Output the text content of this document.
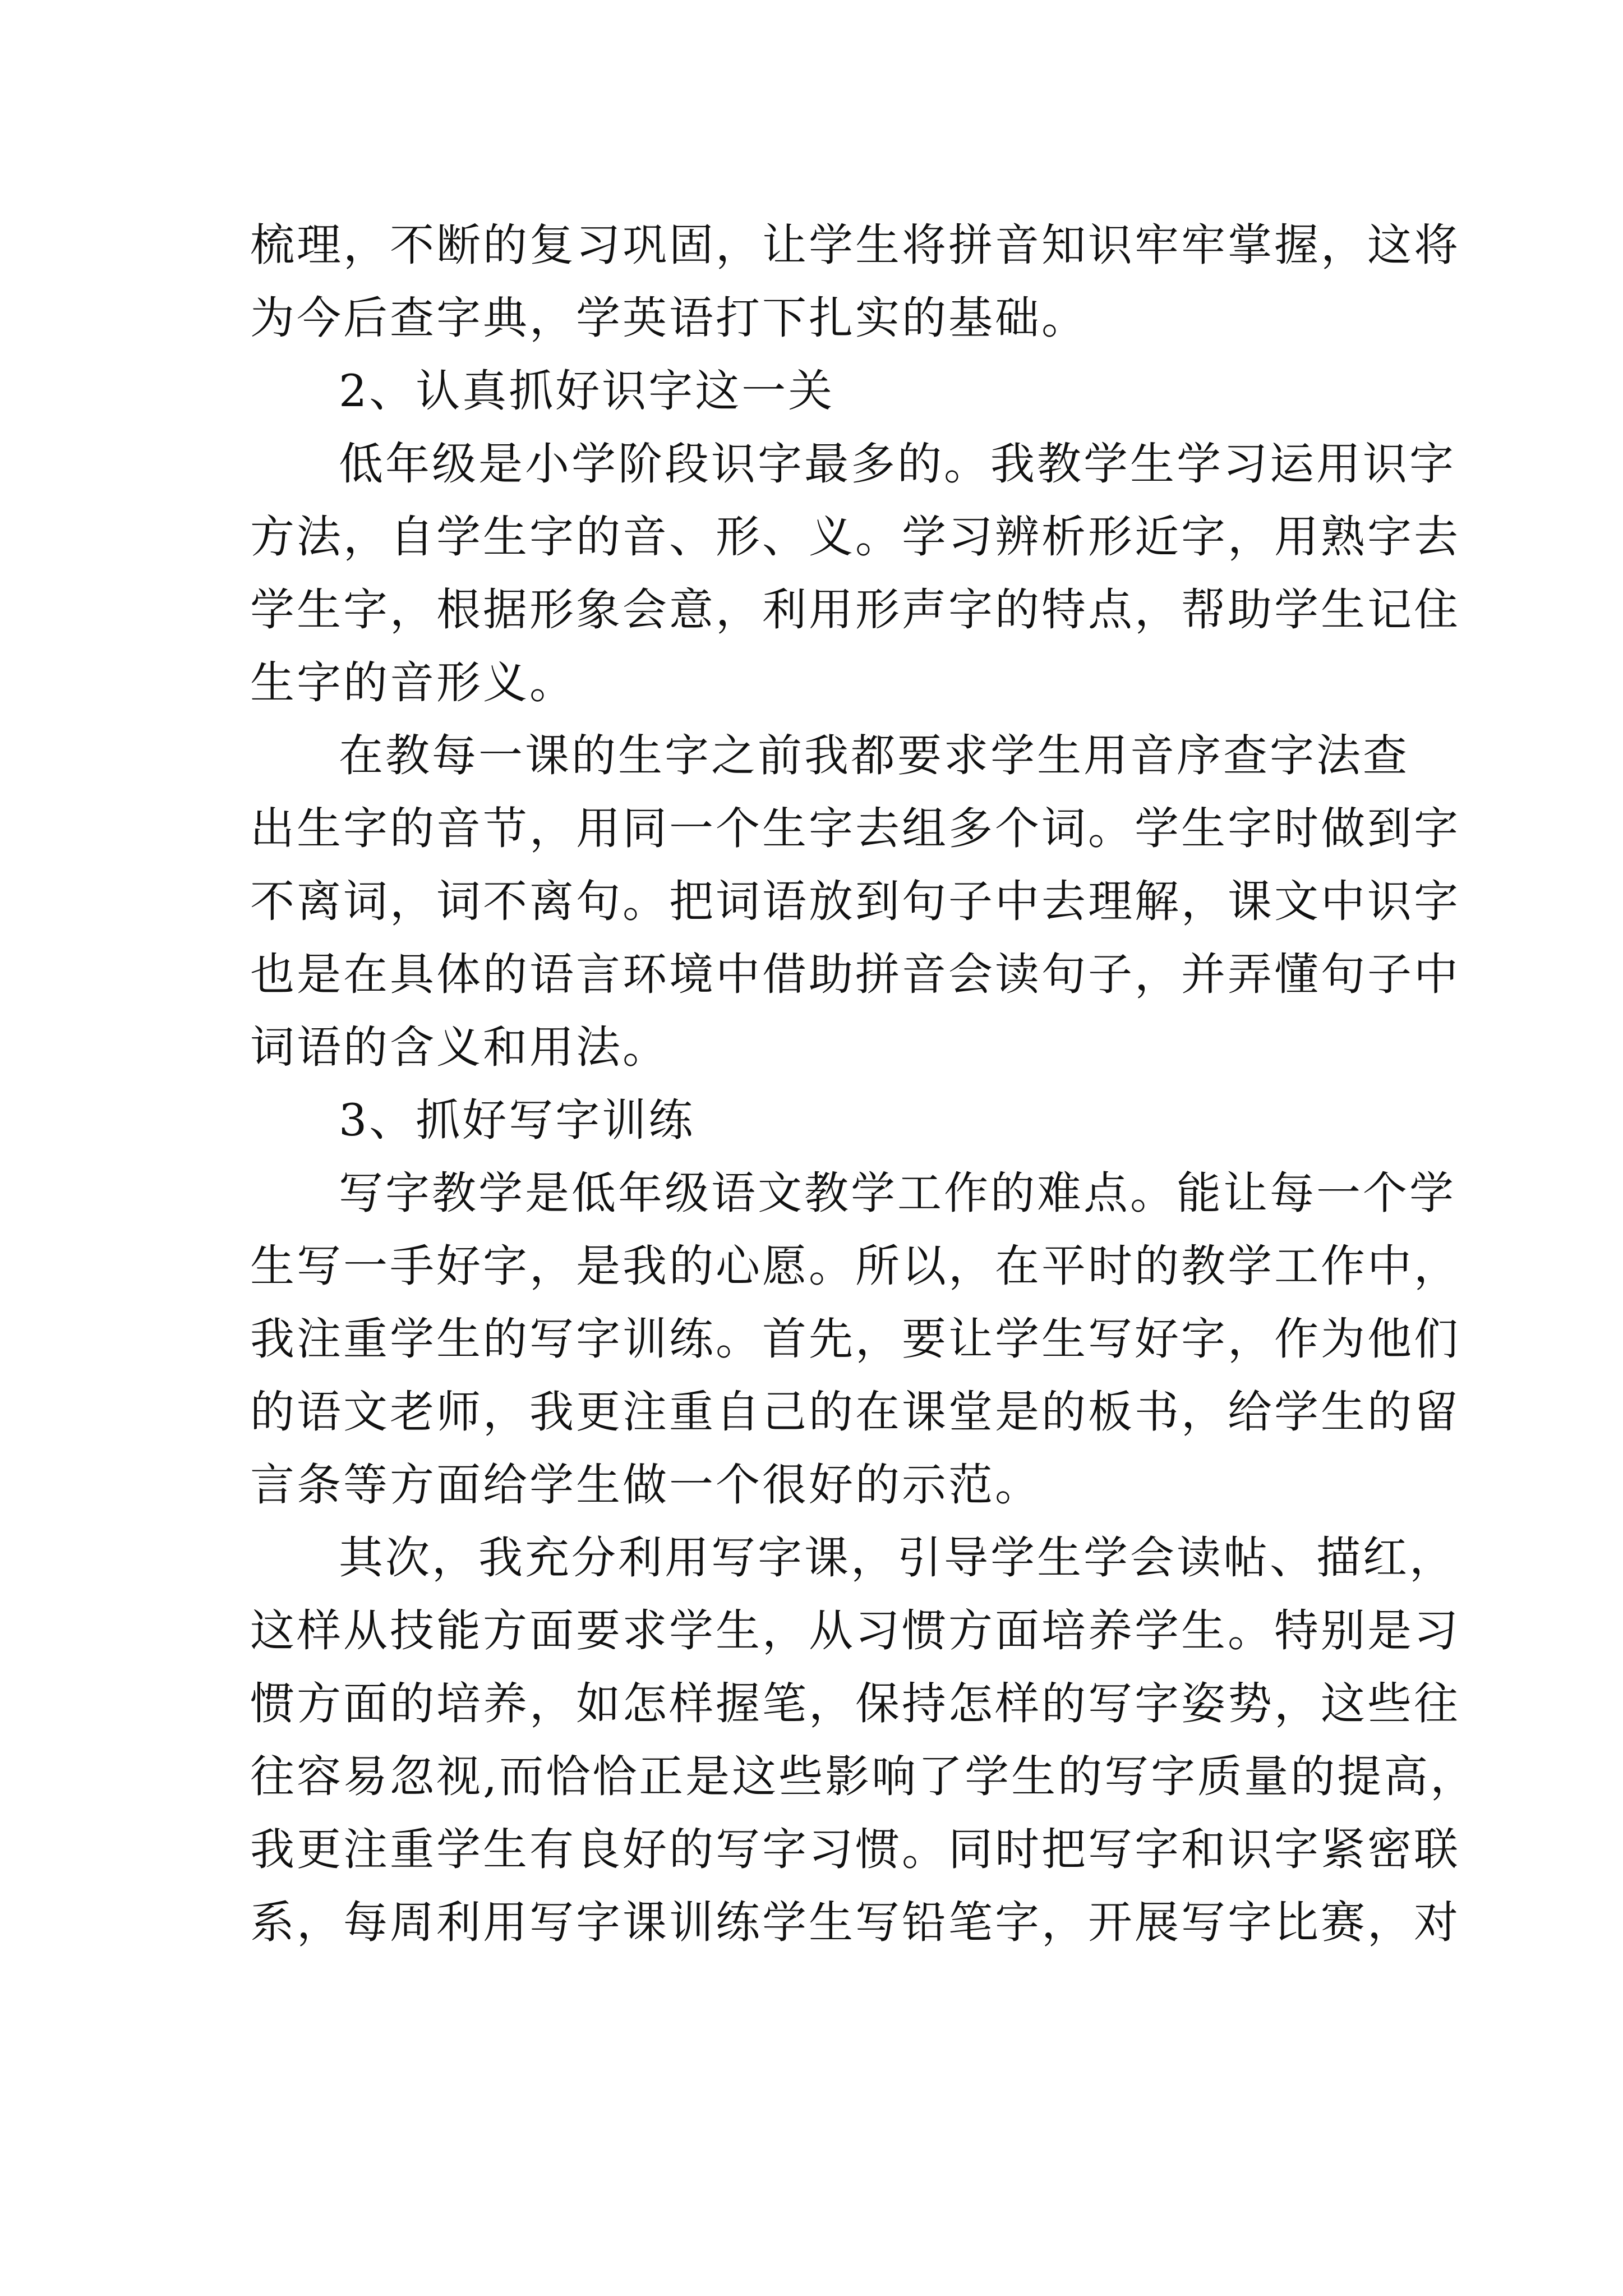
梳理，不断的复习巩固，让学生将拼音知识牢牢掌握，这将
为今后查字典，学英语打下扎实的基础。
2、认真抓好识字这一关
低年级是小学阶段识字最多的。我教学生学习运用识字
方法，自学生字的音、形、义。学习辨析形近字，用熟字去
学生字，根据形象会意，利用形声字的特点，帮助学生记住
生字的音形义。
在教每一课的生字之前我都要求学生用音序查字法查
出生字的音节，用同一个生字去组多个词。学生字时做到字
不离词，词不离句。把词语放到句子中去理解，课文中识字
也是在具体的语言环境中借助拼音会读句子，并弄懂句子中
词语的含义和用法。
3、抓好写字训练
写字教学是低年级语文教学工作的难点。能让每一个学
生写一手好字，是我的心愿。所以，在平时的教学工作中，
我注重学生的写字训练。首先，要让学生写好字，作为他们
的语文老师，我更注重自己的在课堂是的板书，给学生的留
言条等方面给学生做一个很好的示范。
其次，我充分利用写字课，引导学生学会读帖、描红，
这样从技能方面要求学生，从习惯方面培养学生。特别是习
惯方面的培养，如怎样握笔，保持怎样的写字姿势，这些往
往容易忽视,而恰恰正是这些影响了学生的写字质量的提高，
我更注重学生有良好的写字习惯。同时把写字和识字紧密联
系，每周利用写字课训练学生写铅笔字，开展写字比赛，对
